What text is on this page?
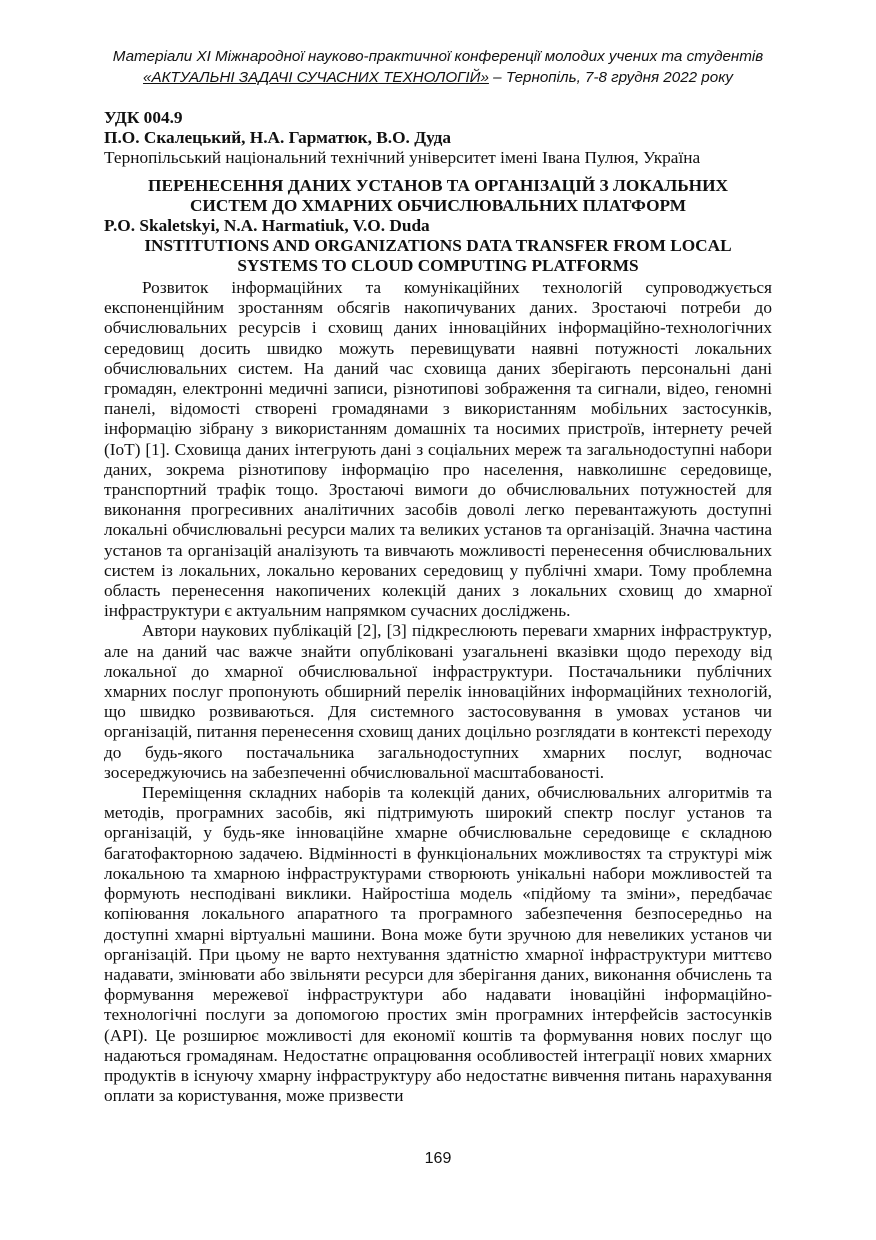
Матеріали XI Міжнародної науково-практичної конференції молодих учених та студентів
«АКТУАЛЬНІ ЗАДАЧІ СУЧАСНИХ ТЕХНОЛОГІЙ» – Тернопіль, 7-8 грудня 2022 року
УДК 004.9
П.О. Скалецький, Н.А. Гарматюк, В.О. Дуда
Тернопільський національний технічний університет імені Івана Пулюя, Україна
ПЕРЕНЕСЕННЯ ДАНИХ УСТАНОВ ТА ОРГАНІЗАЦІЙ З ЛОКАЛЬНИХ
СИСТЕМ ДО ХМАРНИХ ОБЧИСЛЮВАЛЬНИХ ПЛАТФОРМ
P.O. Skaletskyi, N.A. Harmatiuk, V.O. Duda
INSTITUTIONS AND ORGANIZATIONS DATA TRANSFER FROM LOCAL
SYSTEMS TO CLOUD COMPUTING PLATFORMS

Розвиток інформаційних та комунікаційних технологій супроводжується експоненційним зростанням обсягів накопичуваних даних. Зростаючі потреби до обчислювальних ресурсів і сховищ даних інноваційних інформаційно-технологічних середовищ досить швидко можуть перевищувати наявні потужності локальних обчислювальних систем. На даний час сховища даних зберігають персональні дані громадян, електронні медичні записи, різнотипові зображення та сигнали, відео, геномні панелі, відомості створені громадянами з використанням мобільних застосунків, інформацію зібрану з використанням домашніх та носимих пристроїв, інтернету речей (IoT) [1]. Сховища даних інтегрують дані з соціальних мереж та загальнодоступні набори даних, зокрема різнотипову інформацію про населення, навколишнє середовище, транспортний трафік тощо. Зростаючі вимоги до обчислювальних потужностей для виконання прогресивних аналітичних засобів доволі легко перевантажують доступні локальні обчислювальні ресурси малих та великих установ та організацій. Значна частина установ та організацій аналізують та вивчають можливості перенесення обчислювальних систем із локальних, локально керованих середовищ у публічні хмари. Тому проблемна область перенесення накопичених колекцій даних з локальних сховищ до хмарної інфраструктури є актуальним напрямком сучасних досліджень.

Автори наукових публікацій [2], [3] підкреслюють переваги хмарних інфраструктур, але на даний час важче знайти опубліковані узагальнені вказівки щодо переходу від локальної до хмарної обчислювальної інфраструктури. Постачальники публічних хмарних послуг пропонують обширний перелік інноваційних інформаційних технологій, що швидко розвиваються. Для системного застосовування в умовах установ чи організацій, питання перенесення сховищ даних доцільно розглядати в контексті переходу до будь-якого постачальника загальнодоступних хмарних послуг, водночас зосереджуючись на забезпеченні обчислювальної масштабованості.

Переміщення складних наборів та колекцій даних, обчислювальних алгоритмів та методів, програмних засобів, які підтримують широкий спектр послуг установ та організацій, у будь-яке інноваційне хмарне обчислювальне середовище є складною багатофакторною задачею. Відмінності в функціональних можливостях та структурі між локальною та хмарною інфраструктурами створюють унікальні набори можливостей та формують несподівані виклики. Найростіша модель «підйому та зміни», передбачає копіювання локального апаратного та програмного забезпечення безпосередньо на доступні хмарні віртуальні машини. Вона може бути зручною для невеликих установ чи організацій. При цьому не варто нехтування здатністю хмарної інфраструктури миттєво надавати, змінювати або звільняти ресурси для зберігання даних, виконання обчислень та формування мережевої інфраструктури або надавати іноваційні інформаційно-технологічні послуги за допомогою простих змін програмних інтерфейсів застосунків (API). Це розширює можливості для економії коштів та формування нових послуг що надаються громадянам. Недостатнє опрацювання особливостей інтеграції нових хмарних продуктів в існуючу хмарну інфраструктуру або недостатнє вивчення питань нарахування оплати за користування, може призвести

169
